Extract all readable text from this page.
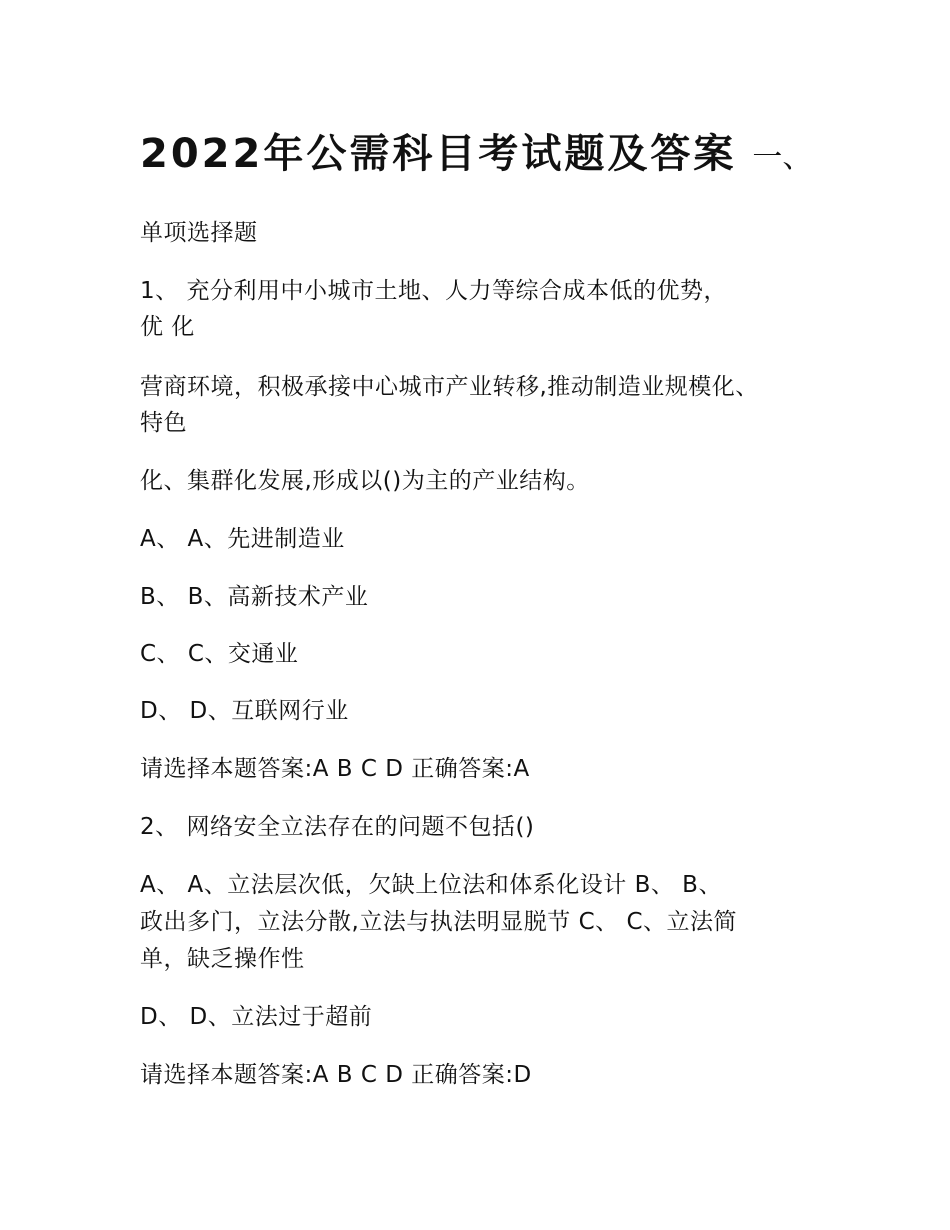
2022年公需科目考试题及答案 一、
单项选择题
1、 充分利用中小城市土地、人力等综合成本低的优势，
优 化
营商环境，积极承接中心城市产业转移,推动制造业规模化、
特色
化、集群化发展,形成以()为主的产业结构。
A、 A、先进制造业
B、 B、高新技术产业
C、 C、交通业
D、 D、互联网行业
请选择本题答案:A B C D 正确答案:A
2、 网络安全立法存在的问题不包括()
A、 A、立法层次低，欠缺上位法和体系化设计 B、 B、
政出多门，立法分散,立法与执法明显脱节 C、 C、立法简
单，缺乏操作性
D、 D、立法过于超前
请选择本题答案:A B C D 正确答案:D
